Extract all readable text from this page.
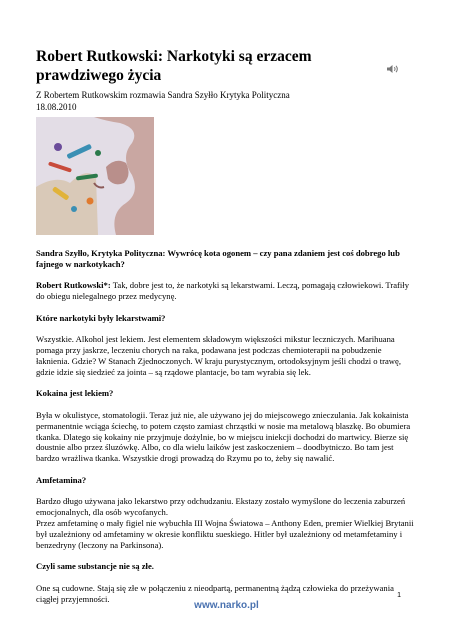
Robert Rutkowski: Narkotyki są erzacem prawdziwego życia
Z Robertem Rutkowskim rozmawia Sandra Szyłło Krytyka Polityczna
18.08.2010

Sandra Szyłło, Krytyka Polityczna: Wywrócę kota ogonem – czy pana zdaniem jest coś dobrego lub fajnego w narkotykach?

Robert Rutkowski*: Tak, dobre jest to, że narkotyki są lekarstwami. Leczą, pomagają człowiekowi. Trafiły do obiegu nielegalnego przez medycynę.

Które narkotyki były lekarstwami?

Wszystkie. Alkohol jest lekiem. Jest elementem składowym większości mikstur leczniczych. Marihuana pomaga przy jaskrze, leczeniu chorych na raka, podawana jest podczas chemioterapii na pobudzenie łaknienia. Gdzie? W Stanach Zjednoczonych. W kraju purystycznym, ortodoksyjnym jeśli chodzi o trawę, gdzie idzie się siedzieć za jointa – są rządowe plantacje, bo tam wyrabia się lek.

Kokaina jest lekiem?

Była w okulistyce, stomatologii. Teraz już nie, ale używano jej do miejscowego znieczulania. Jak kokainista permanentnie wciąga ściechę, to potem często zamiast chrząstki w nosie ma metalową blaszkę. Bo obumiera tkanka. Dlatego się kokainy nie przyjmuje dożylnie, bo w miejscu iniekcji dochodzi do martwicy. Bierze się doustnie albo przez śluzówkę. Albo, co dla wielu laików jest zaskoczeniem – doodbytniczo. Bo tam jest bardzo wrażliwa tkanka. Wszystkie drogi prowadzą do Rzymu po to, żeby się nawalić.

Amfetamina?

Bardzo długo używana jako lekarstwo przy odchudzaniu. Ekstazy zostało wymyślone do leczenia zaburzeń emocjonalnych, dla osób wycofanych.
Przez amfetaminę o mały figiel nie wybuchła III Wojna Światowa – Anthony Eden, premier Wielkiej Brytanii był uzależniony od amfetaminy w okresie konfliktu sueskiego. Hitler był uzależniony od metamfetaminy i benzedryny (leczony na Parkinsona).

Czyli same substancje nie są złe.

One są cudowne. Stają się złe w połączeniu z nieodpartą, permanentną żądzą człowieka do przeżywania ciągłej przyjemności.	1
www.narko.pl
